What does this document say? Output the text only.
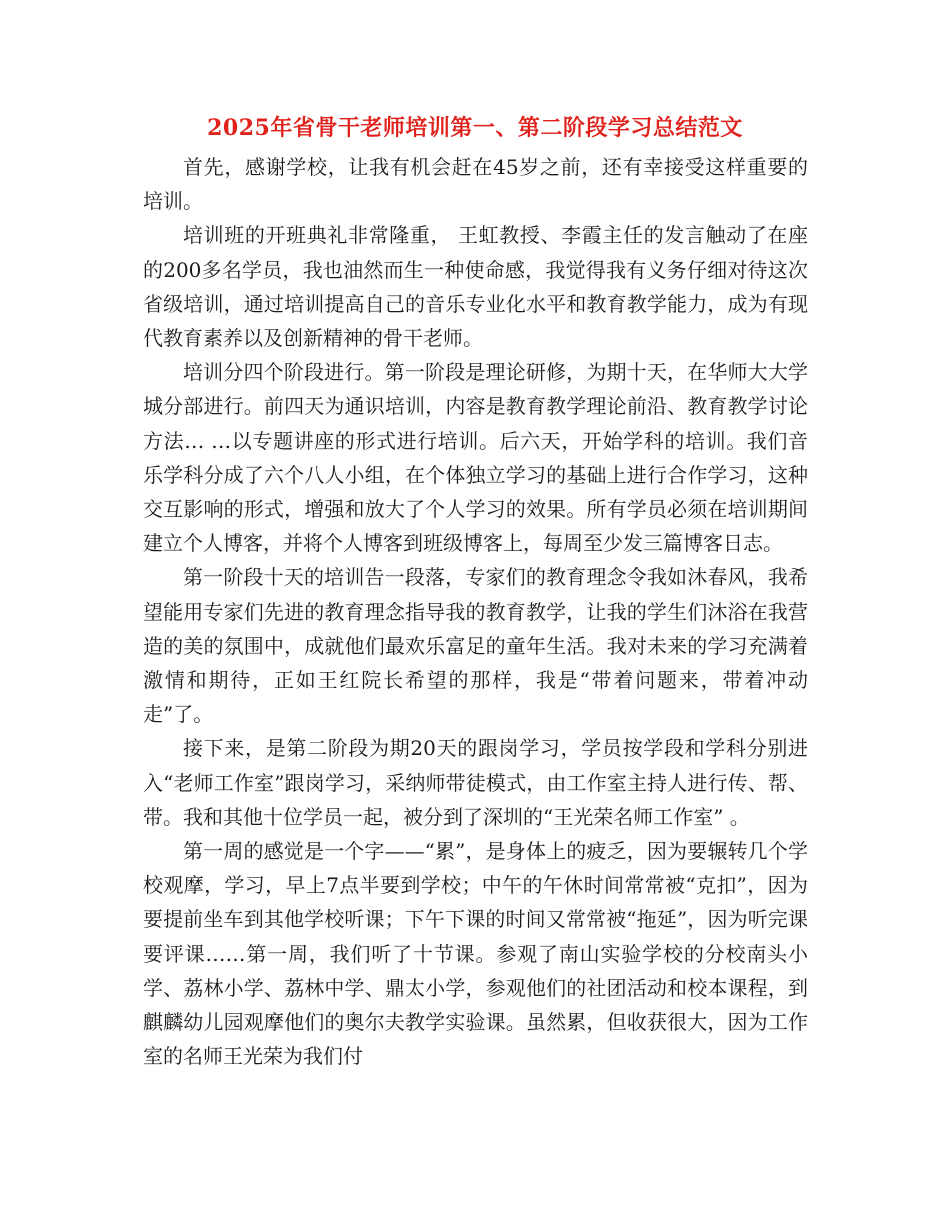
2025年省骨干老师培训第一、第二阶段学习总结范文

首先，感谢学校，让我有机会赶在45岁之前，还有幸接受这样重要的培训。

培训班的开班典礼非常隆重， 王虹教授、李霞主任的发言触动了在座的200多名学员，我也油然而生一种使命感，我觉得我有义务仔细对待这次省级培训，通过培训提高自己的音乐专业化水平和教育教学能力，成为有现代教育素养以及创新精神的骨干老师。

培训分四个阶段进行。第一阶段是理论研修，为期十天，在华师大大学城分部进行。前四天为通识培训，内容是教育教学理论前沿、教育教学讨论方法… …以专题讲座的形式进行培训。后六天，开始学科的培训。我们音乐学科分成了六个八人小组，在个体独立学习的基础上进行合作学习，这种交互影响的形式，增强和放大了个人学习的效果。所有学员必须在培训期间建立个人博客，并将个人博客到班级博客上，每周至少发三篇博客日志。

第一阶段十天的培训告一段落，专家们的教育理念令我如沐春风，我希望能用专家们先进的教育理念指导我的教育教学，让我的学生们沐浴在我营造的美的氛围中，成就他们最欢乐富足的童年生活。我对未来的学习充满着激情和期待，正如王红院长希望的那样，我是“带着问题来，带着冲动走”了。

接下来，是第二阶段为期20天的跟岗学习，学员按学段和学科分别进入“老师工作室”跟岗学习，采纳师带徒模式，由工作室主持人进行传、帮、带。我和其他十位学员一起，被分到了深圳的“王光荣名师工作室” 。

第一周的感觉是一个字——“累”，是身体上的疲乏，因为要辗转几个学校观摩，学习，早上7点半要到学校；中午的午休时间常常被“克扣”，因为要提前坐车到其他学校听课；下午下课的时间又常常被“拖延”，因为听完课要评课……第一周，我们听了十节课。参观了南山实验学校的分校南头小学、荔林小学、荔林中学、鼎太小学，参观他们的社团活动和校本课程，到麒麟幼儿园观摩他们的奥尔夫教学实验课。虽然累，但收获很大，因为工作室的名师王光荣为我们付
